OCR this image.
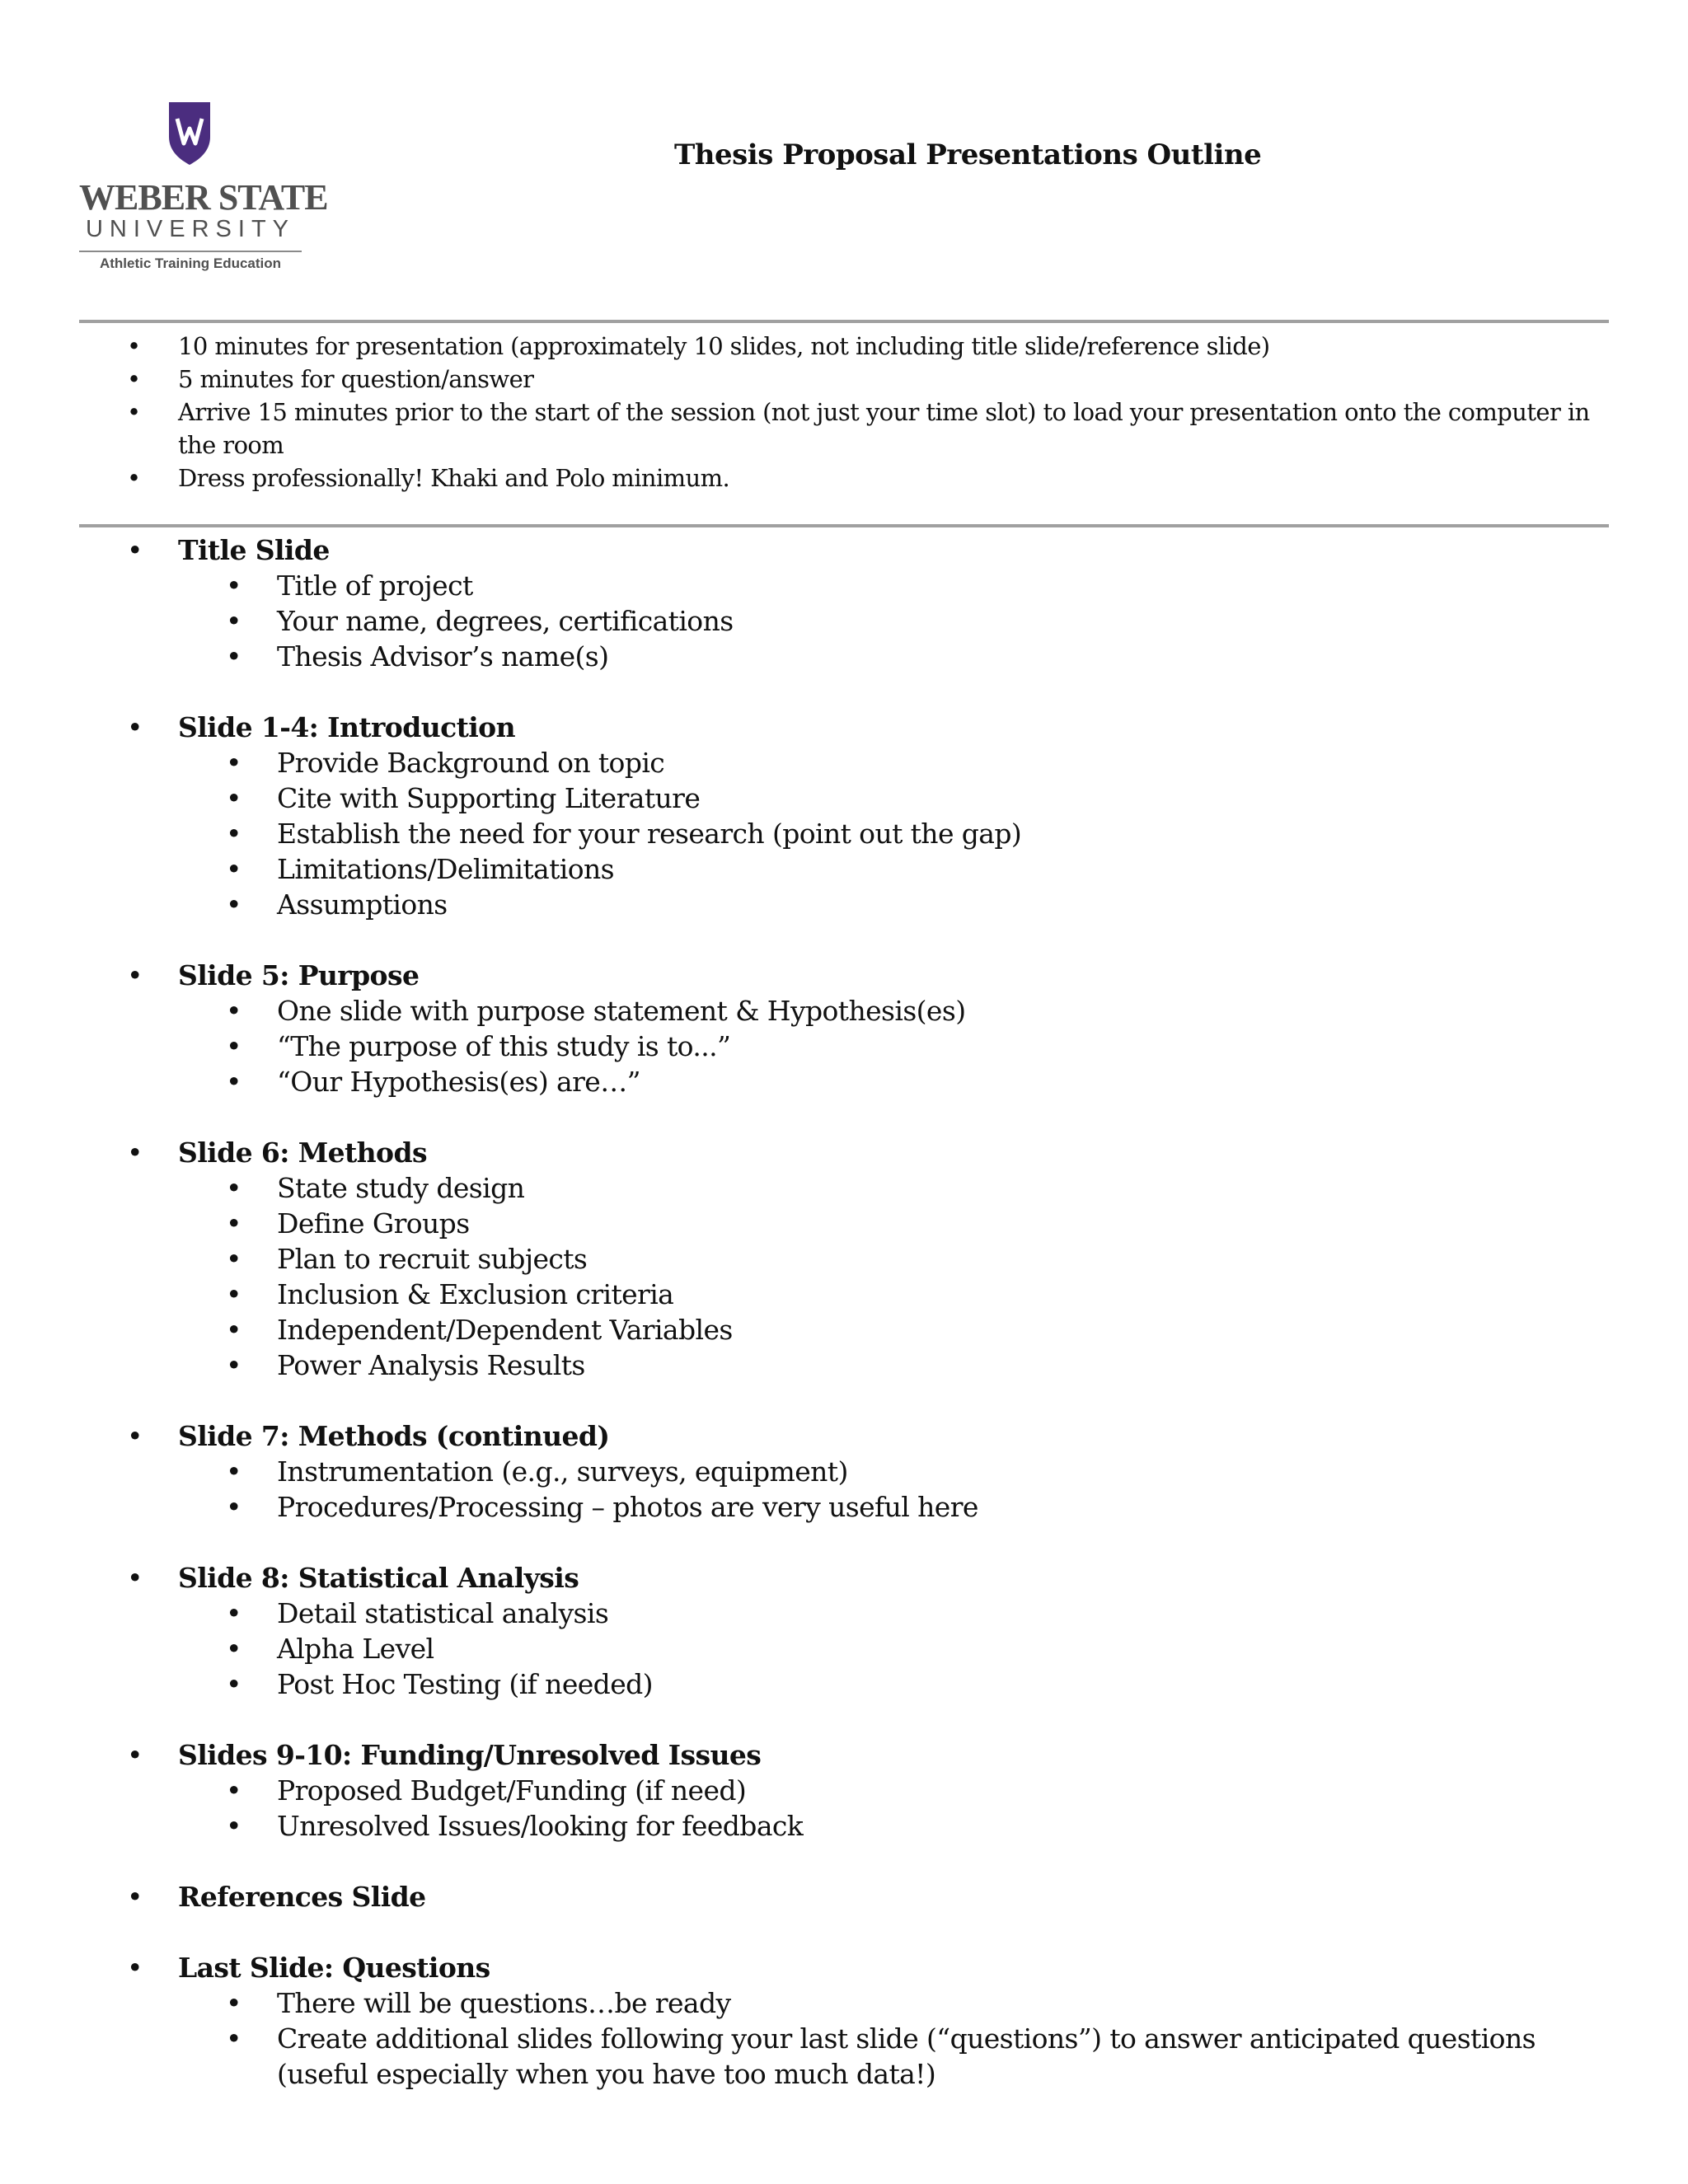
WEBER STATE
UNIVERSITY
Athletic Training Education
Thesis Proposal Presentations Outline
• 10 minutes for presentation (approximately 10 slides, not including title slide/reference slide)
• 5 minutes for question/answer
• Arrive 15 minutes prior to the start of the session (not just your time slot) to load your presentation onto the computer in the room
• Dress professionally! Khaki and Polo minimum.
• Title Slide
• Title of project
• Your name, degrees, certifications
• Thesis Advisor’s name(s)
• Slide 1-4: Introduction
• Provide Background on topic
• Cite with Supporting Literature
• Establish the need for your research (point out the gap)
• Limitations/Delimitations
• Assumptions
• Slide 5: Purpose
• One slide with purpose statement & Hypothesis(es)
• “The purpose of this study is to...”
• “Our Hypothesis(es) are…”
• Slide 6: Methods
• State study design
• Define Groups
• Plan to recruit subjects
• Inclusion & Exclusion criteria
• Independent/Dependent Variables
• Power Analysis Results
• Slide 7: Methods (continued)
• Instrumentation (e.g., surveys, equipment)
• Procedures/Processing – photos are very useful here
• Slide 8: Statistical Analysis
• Detail statistical analysis
• Alpha Level
• Post Hoc Testing (if needed)
• Slides 9-10: Funding/Unresolved Issues
• Proposed Budget/Funding (if need)
• Unresolved Issues/looking for feedback
• References Slide
• Last Slide: Questions
• There will be questions…be ready
• Create additional slides following your last slide (“questions”) to answer anticipated questions (useful especially when you have too much data!)
